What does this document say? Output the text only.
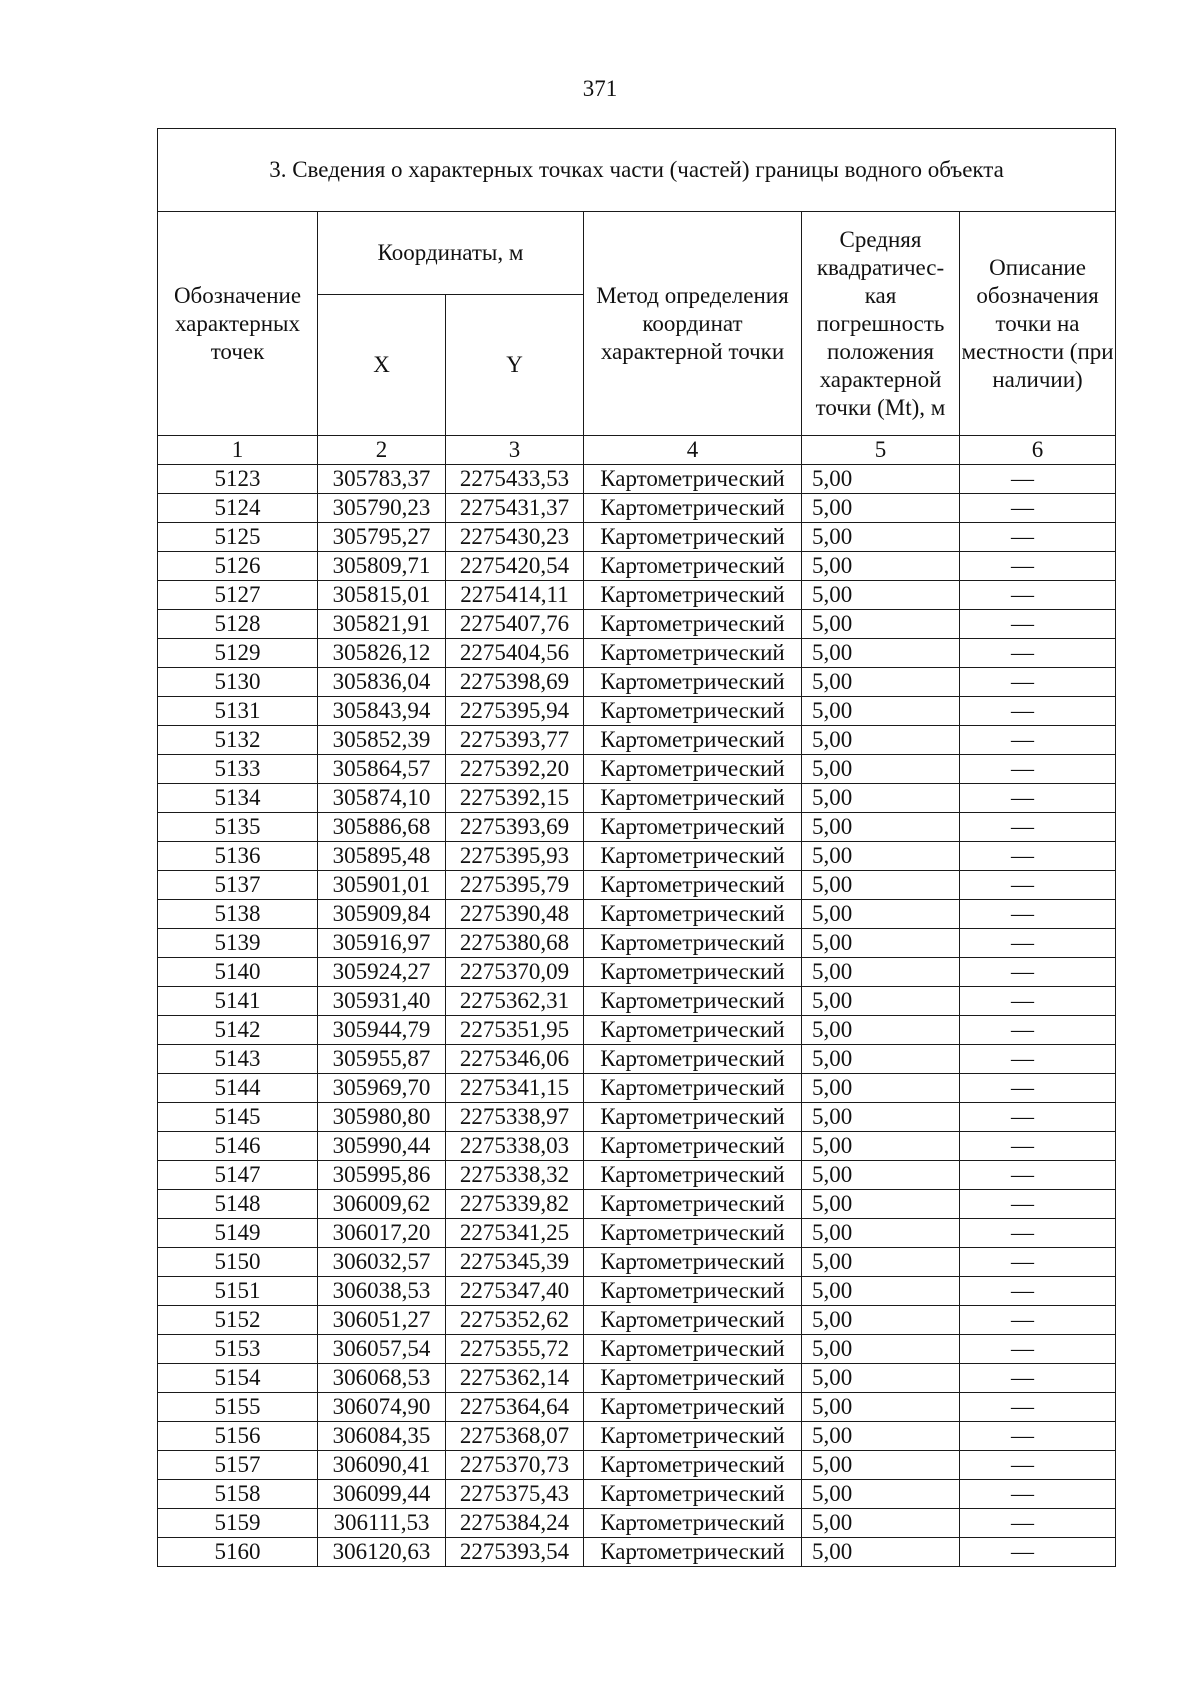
371
3. Сведения о характерных точках части (частей) границы водного объекта					
Обозначение характерных точек	Координаты, м		Метод определения координат характерной точки	Средняя квадратичес-кая погрешность положения характерной точки (Mt), м	Описание обозначения точки на местности (при наличии)
	X	Y			
1	2	3	4	5	6
5123	305783,37	2275433,53	Картометрический	5,00	—
5124	305790,23	2275431,37	Картометрический	5,00	—
5125	305795,27	2275430,23	Картометрический	5,00	—
5126	305809,71	2275420,54	Картометрический	5,00	—
5127	305815,01	2275414,11	Картометрический	5,00	—
5128	305821,91	2275407,76	Картометрический	5,00	—
5129	305826,12	2275404,56	Картометрический	5,00	—
5130	305836,04	2275398,69	Картометрический	5,00	—
5131	305843,94	2275395,94	Картометрический	5,00	—
5132	305852,39	2275393,77	Картометрический	5,00	—
5133	305864,57	2275392,20	Картометрический	5,00	—
5134	305874,10	2275392,15	Картометрический	5,00	—
5135	305886,68	2275393,69	Картометрический	5,00	—
5136	305895,48	2275395,93	Картометрический	5,00	—
5137	305901,01	2275395,79	Картометрический	5,00	—
5138	305909,84	2275390,48	Картометрический	5,00	—
5139	305916,97	2275380,68	Картометрический	5,00	—
5140	305924,27	2275370,09	Картометрический	5,00	—
5141	305931,40	2275362,31	Картометрический	5,00	—
5142	305944,79	2275351,95	Картометрический	5,00	—
5143	305955,87	2275346,06	Картометрический	5,00	—
5144	305969,70	2275341,15	Картометрический	5,00	—
5145	305980,80	2275338,97	Картометрический	5,00	—
5146	305990,44	2275338,03	Картометрический	5,00	—
5147	305995,86	2275338,32	Картометрический	5,00	—
5148	306009,62	2275339,82	Картометрический	5,00	—
5149	306017,20	2275341,25	Картометрический	5,00	—
5150	306032,57	2275345,39	Картометрический	5,00	—
5151	306038,53	2275347,40	Картометрический	5,00	—
5152	306051,27	2275352,62	Картометрический	5,00	—
5153	306057,54	2275355,72	Картометрический	5,00	—
5154	306068,53	2275362,14	Картометрический	5,00	—
5155	306074,90	2275364,64	Картометрический	5,00	—
5156	306084,35	2275368,07	Картометрический	5,00	—
5157	306090,41	2275370,73	Картометрический	5,00	—
5158	306099,44	2275375,43	Картометрический	5,00	—
5159	306111,53	2275384,24	Картометрический	5,00	—
5160	306120,63	2275393,54	Картометрический	5,00	—
